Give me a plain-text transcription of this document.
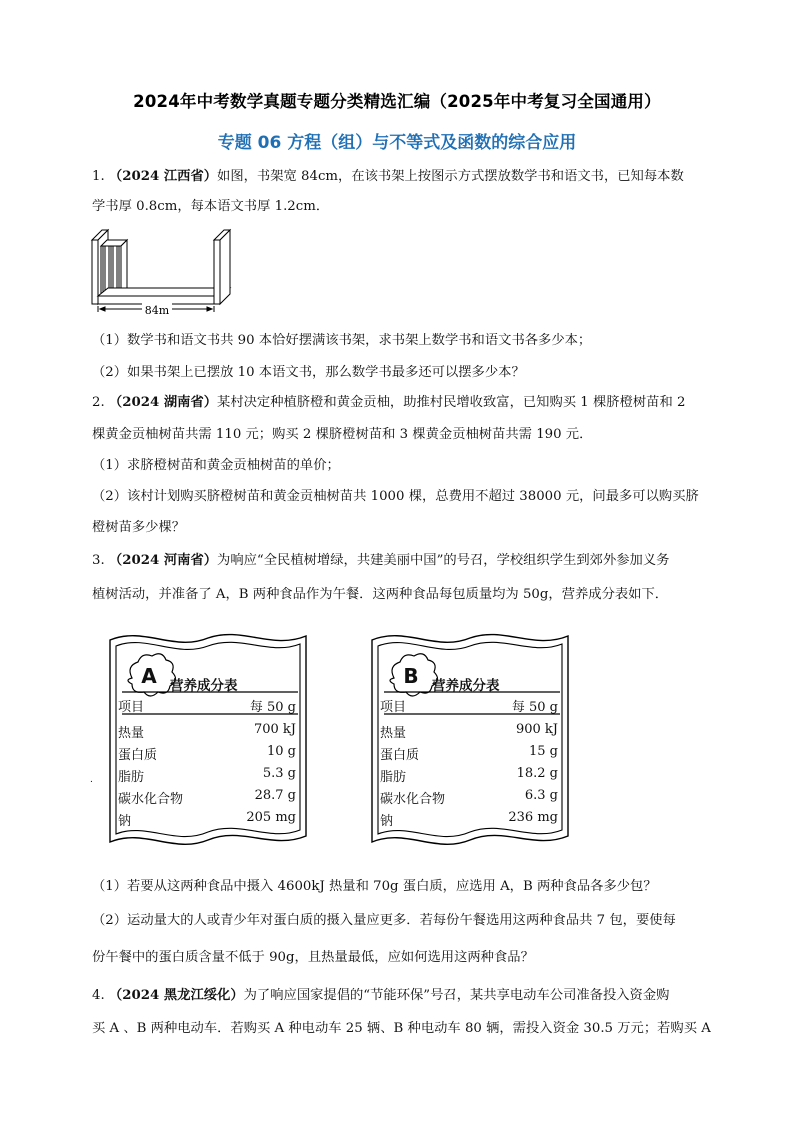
2024年中考数学真题专题分类精选汇编（2025年中考复习全国通用）
专题 06 方程（组）与不等式及函数的综合应用

1. （2024 江西省）如图，书架宽 84cm，在该书架上按图示方式摆放数学书和语文书，已知每本数

学书厚 0.8cm，每本语文书厚 1.2cm．

84m

（1）数学书和语文书共 90 本恰好摆满该书架，求书架上数学书和语文书各多少本；

（2）如果书架上已摆放 10 本语文书，那么数学书最多还可以摆多少本？

2. （2024 湖南省）某村决定种植脐橙和黄金贡柚，助推村民增收致富，已知购买 1 棵脐橙树苗和 2

棵黄金贡柚树苗共需 110 元；购买 2 棵脐橙树苗和 3 棵黄金贡柚树苗共需 190 元．

（1）求脐橙树苗和黄金贡柚树苗的单价；

（2）该村计划购买脐橙树苗和黄金贡柚树苗共 1000 棵，总费用不超过 38000 元，问最多可以购买脐

橙树苗多少棵？

3. （2024 河南省）为响应“全民植树增绿，共建美丽中国”的号召，学校组织学生到郊外参加义务

植树活动，并准备了 A，B 两种食品作为午餐．这两种食品每包质量均为 50g，营养成分表如下．

.
A 营养成分表
项目	每 50 g
热量	700 kJ
蛋白质	10 g
脂肪	5.3 g
碳水化合物	28.7 g
钠	205 mg
B 营养成分表
项目	每 50 g
热量	900 kJ
蛋白质	15 g
脂肪	18.2 g
碳水化合物	6.3 g
钠	236 mg

（1）若要从这两种食品中摄入 4600kJ 热量和 70g 蛋白质，应选用 A，B 两种食品各多少包？

（2）运动量大的人或青少年对蛋白质的摄入量应更多．若每份午餐选用这两种食品共 7 包，要使每

份午餐中的蛋白质含量不低于 90g，且热量最低，应如何选用这两种食品？

4. （2024 黑龙江绥化）为了响应国家提倡的“节能环保”号召，某共享电动车公司准备投入资金购

买 A 、B 两种电动车．若购买 A 种电动车 25 辆、B 种电动车 80 辆，需投入资金 30.5 万元；若购买 A
